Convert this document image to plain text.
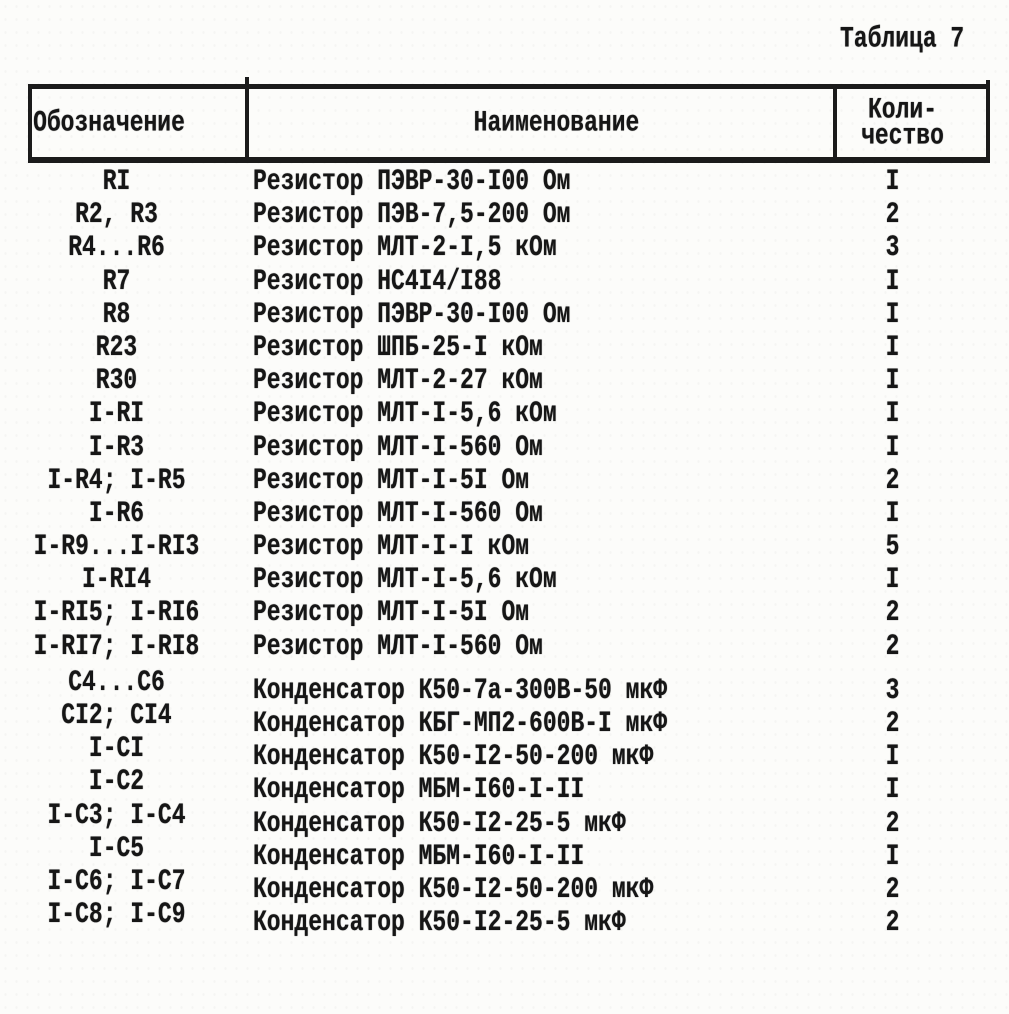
Таблица 7
Обозначение	Наименование	Коли-
чество
RI	Резистор ПЭВР-30-I00 Ом	I
R2, R3	Резистор ПЭВ-7,5-200 Ом	2
R4...R6	Резистор МЛТ-2-I,5 кОм	3
R7	Резистор НС4I4/I88	I
R8	Резистор ПЭВР-30-I00 Ом	I
R23	Резистор ШПБ-25-I кОм	I
R30	Резистор МЛТ-2-27 кОм	I
I-RI	Резистор МЛТ-I-5,6 кОм	I
I-R3	Резистор МЛТ-I-560 Ом	I
I-R4; I-R5	Резистор МЛТ-I-5I Ом	2
I-R6	Резистор МЛТ-I-560 Ом	I
I-R9...I-RI3	Резистор МЛТ-I-I кОм	5
I-RI4	Резистор МЛТ-I-5,6 кОм	I
I-RI5; I-RI6	Резистор МЛТ-I-5I Ом	2
I-RI7; I-RI8	Резистор МЛТ-I-560 Ом	2
C4...C6	Конденсатор К50-7а-300В-50 мкФ	3
CI2; CI4	Конденсатор КБГ-МП2-600В-I мкФ	2
I-CI	Конденсатор К50-I2-50-200 мкФ	I
I-C2	Конденсатор МБМ-I60-I-II	I
I-C3; I-C4	Конденсатор К50-I2-25-5 мкФ	2
I-C5	Конденсатор МБМ-I60-I-II	I
I-C6; I-C7	Конденсатор К50-I2-50-200 мкФ	2
I-C8; I-C9	Конденсатор К50-I2-25-5 мкФ	2
